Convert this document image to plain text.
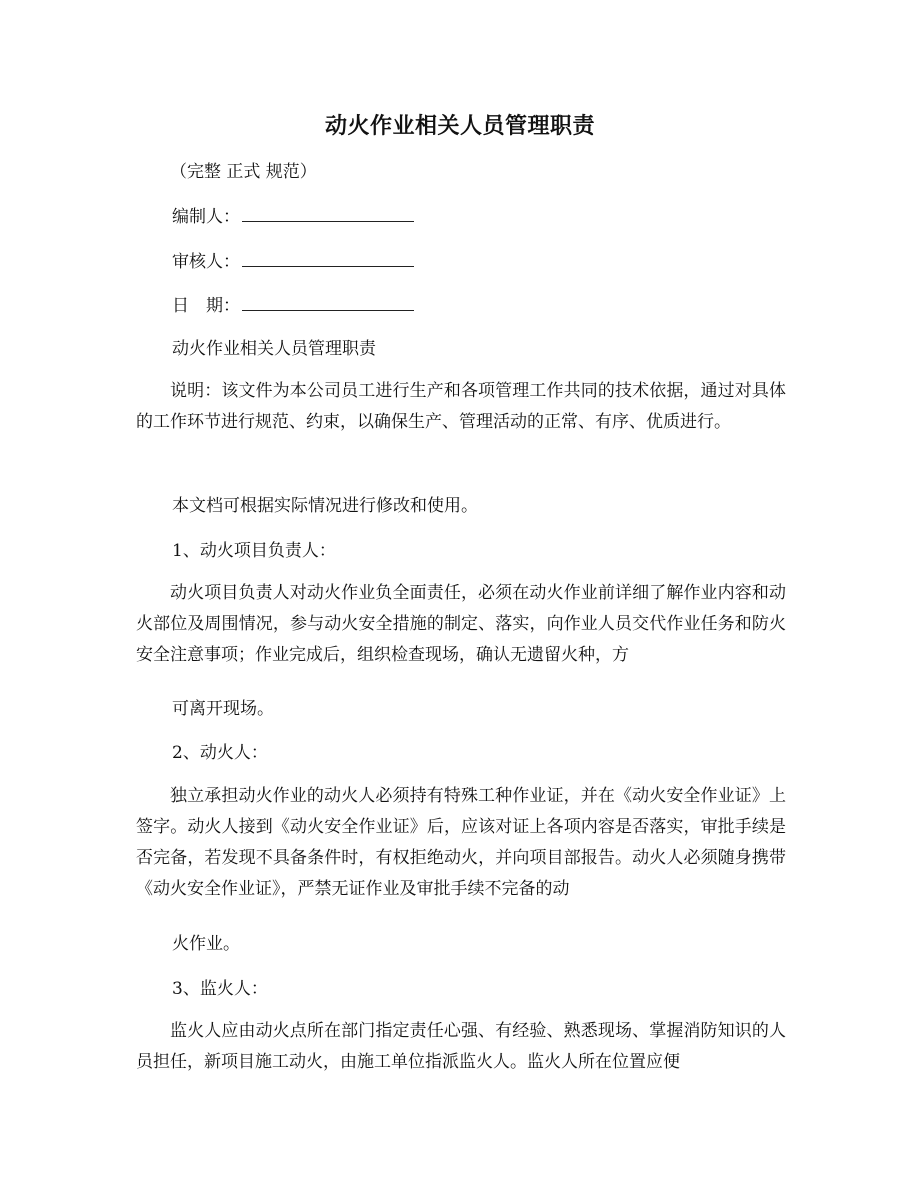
动火作业相关人员管理职责
（完整 正式 规范）
编制人：
审核人：
日　期：
动火作业相关人员管理职责
说明：该文件为本公司员工进行生产和各项管理工作共同的技术依据，通过对具体的工作环节进行规范、约束，以确保生产、管理活动的正常、有序、优质进行。
本文档可根据实际情况进行修改和使用。
1、动火项目负责人：
动火项目负责人对动火作业负全面责任，必须在动火作业前详细了解作业内容和动火部位及周围情况，参与动火安全措施的制定、落实，向作业人员交代作业任务和防火安全注意事项；作业完成后，组织检查现场，确认无遗留火种，方
可离开现场。
2、动火人：
独立承担动火作业的动火人必须持有特殊工种作业证，并在《动火安全作业证》上签字。动火人接到《动火安全作业证》后，应该对证上各项内容是否落实，审批手续是否完备，若发现不具备条件时，有权拒绝动火，并向项目部报告。动火人必须随身携带《动火安全作业证》，严禁无证作业及审批手续不完备的动
火作业。
3、监火人：
监火人应由动火点所在部门指定责任心强、有经验、熟悉现场、掌握消防知识的人员担任，新项目施工动火，由施工单位指派监火人。监火人所在位置应便
